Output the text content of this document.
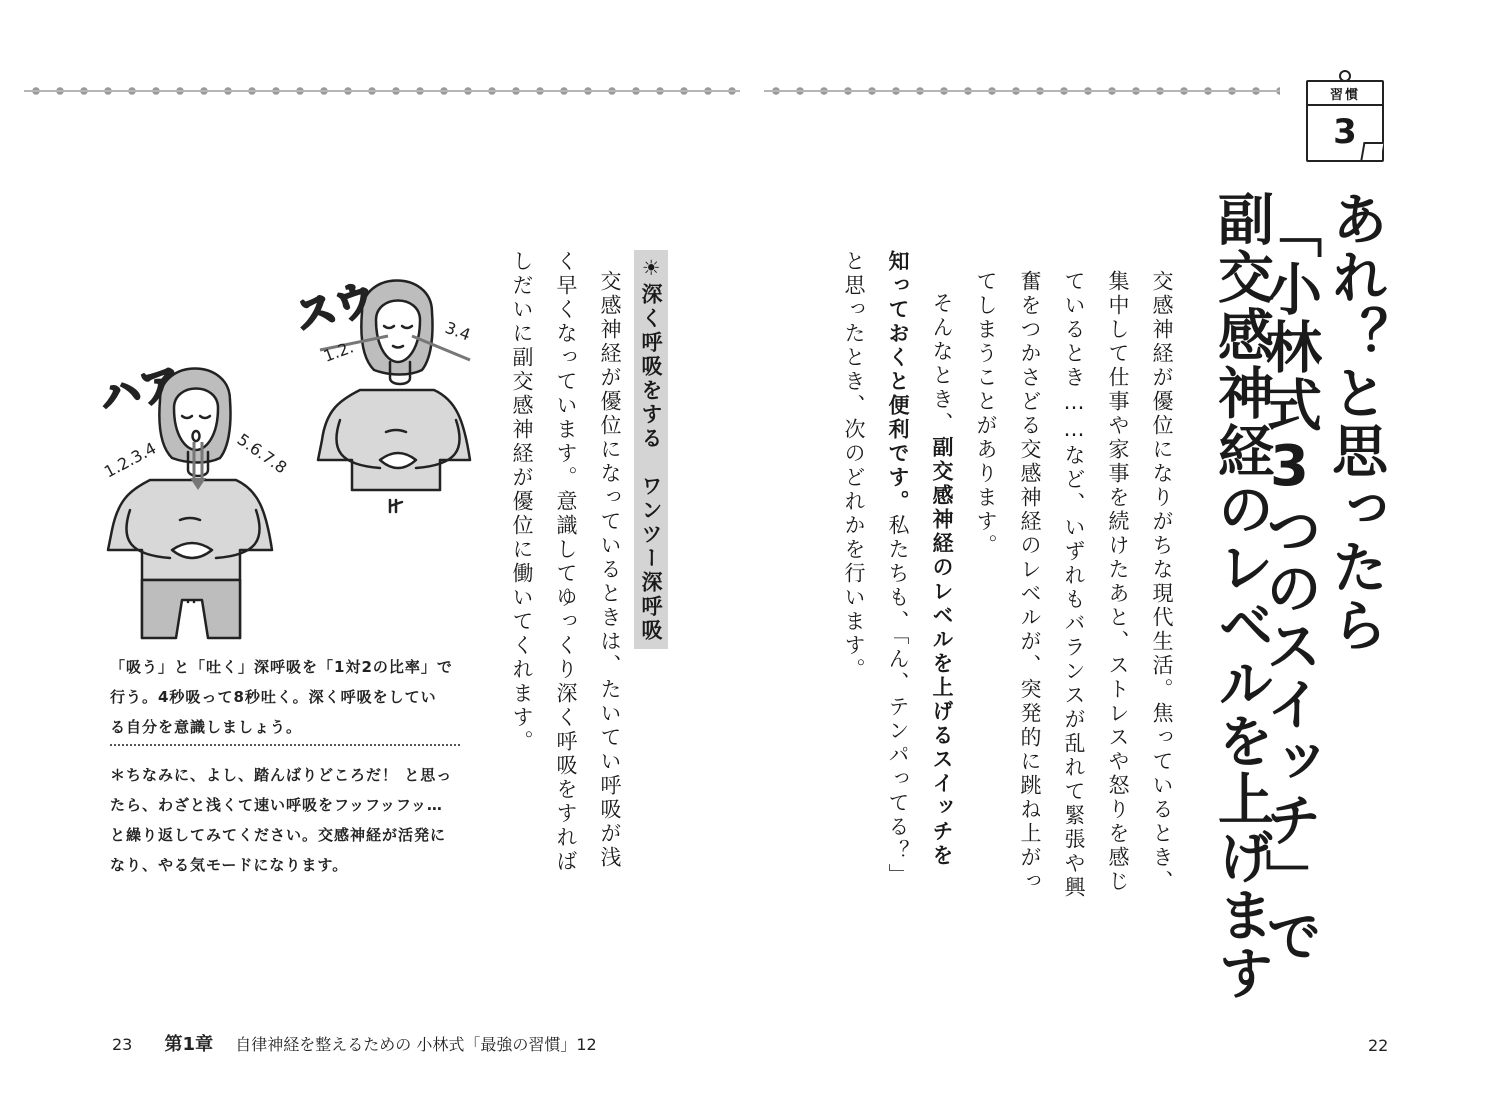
習慣
3
あれ？と思ったら
「小林式3つのスイッチ」で
副交感神経のレベルを上げます
交感神経が優位になりがちな現代生活。焦っているとき、
集中して仕事や家事を続けたあと、ストレスや怒りを感じ
ているとき……など、いずれもバランスが乱れて緊張や興
奮をつかさどる交感神経のレベルが、突発的に跳ね上がっ
てしまうことがあります。
そんなとき、副交感神経のレベルを上げるスイッチを
知っておくと便利です。私たちも、「ん、テンパってる？」
と思ったとき、次のどれかを行います。
☀深く呼吸をする　ワンツー深呼吸
交感神経が優位になっているときは、たいてい呼吸が浅
く早くなっています。意識してゆっくり深く呼吸をすれば
しだいに副交感神経が優位に働いてくれます。
ハア
5.6.7.8
1.2.3.4
スウ
1.2.
3.4
「吸う」と「吐く」深呼吸を「1対2の比率」で
行う。4秒吸って8秒吐く。深く呼吸をしてい
る自分を意識しましょう。
＊ちなみに、よし、踏んばりどころだ！ と思っ
たら、わざと浅くて速い呼吸をフッフッフッ…
と繰り返してみてください。交感神経が活発に
なり、やる気モードになります。
23 第1章 自律神経を整えるための 小林式「最強の習慣」12	22
